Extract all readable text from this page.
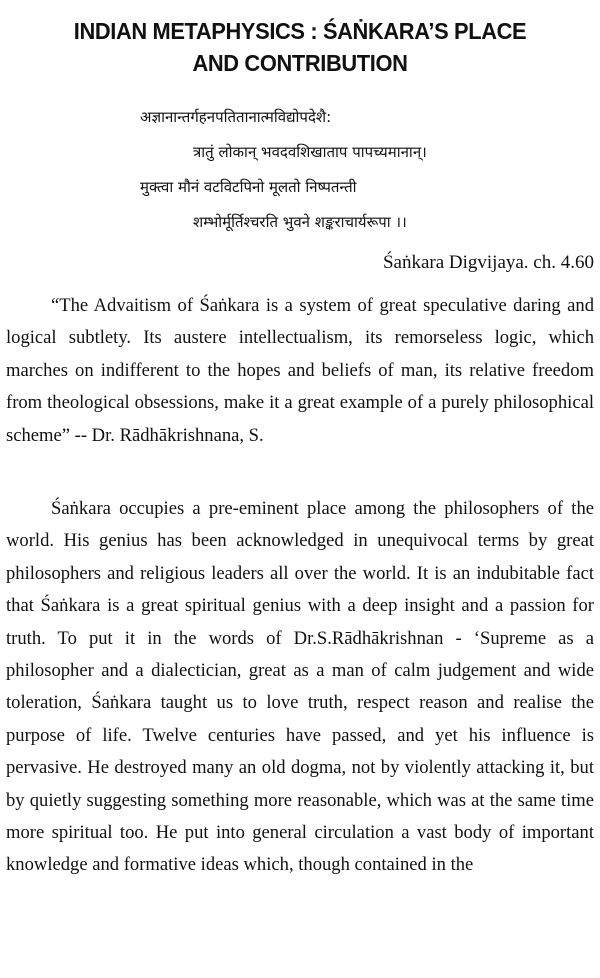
INDIAN METAPHYSICS : ŚAṄKARA’S PLACE
AND CONTRIBUTION
अज्ञानान्तर्गहनपतितानात्मविद्योपदेशै:
त्रातुं लोकान् भवदवशिखाताप पापच्यमानान्।
मुक्त्वा मौनं वटविटपिनो मूलतो निष्पतन्ती
शम्भोर्मूर्तिश्चरति भुवने शङ्कराचार्यरूपा ।।
Śaṅkara Digvijaya. ch. 4.60

“The Advaitism of Śaṅkara is a system of great speculative daring and logical subtlety. Its austere intellectualism, its remorseless logic, which marches on indifferent to the hopes and beliefs of man, its relative freedom from theological obsessions, make it a great example of a purely philosophical scheme” -- Dr. Rādhākrishnana, S.

Śaṅkara occupies a pre-eminent place among the philosophers of the world. His genius has been acknowledged in unequivocal terms by great philosophers and religious leaders all over the world. It is an indubitable fact that Śaṅkara is a great spiritual genius with a deep insight and a passion for truth. To put it in the words of Dr.S.Rādhākrishnan - ‘Supreme as a philosopher and a dialectician, great as a man of calm judgement and wide toleration, Śaṅkara taught us to love truth, respect reason and realise the purpose of life. Twelve centuries have passed, and yet his influence is pervasive. He destroyed many an old dogma, not by violently attacking it, but by quietly suggesting something more reasonable, which was at the same time more spiritual too. He put into general circulation a vast body of important knowledge and formative ideas which, though contained in the
